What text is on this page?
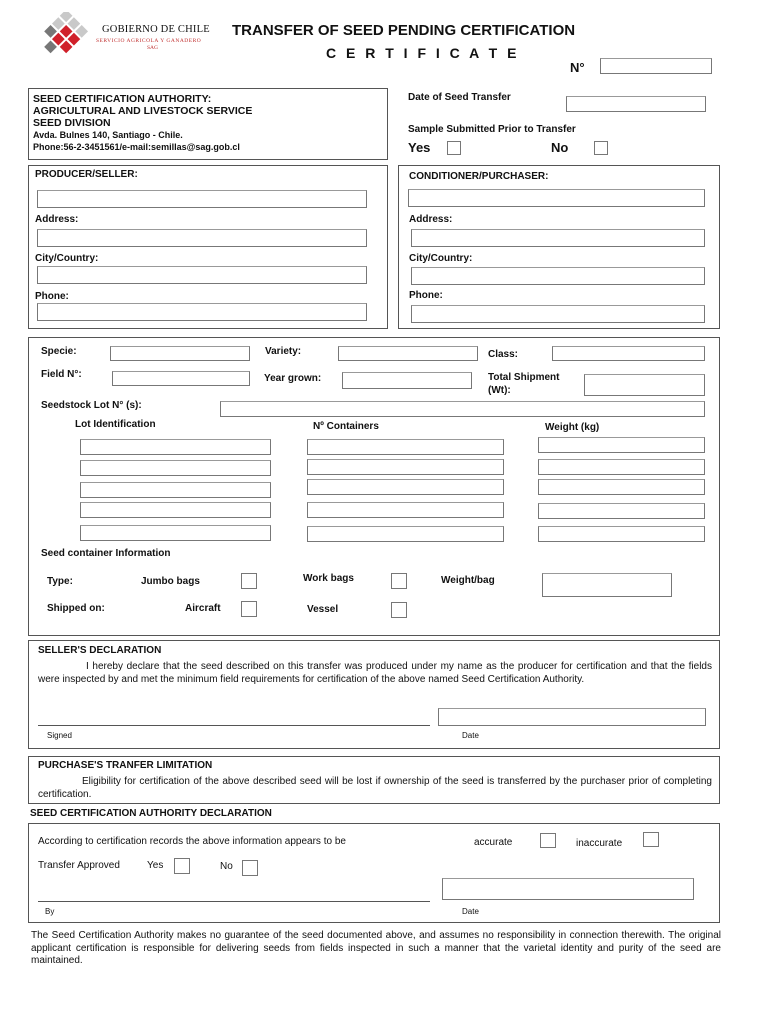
GOBIERNO DE CHILE
SERVICIO AGRICOLA Y GANADERO
SAG
TRANSFER OF SEED PENDING CERTIFICATION
C E R T I F I C A T E
N°
SEED CERTIFICATION AUTHORITY:
AGRICULTURAL AND LIVESTOCK SERVICE
SEED DIVISION
Avda. Bulnes 140, Santiago - Chile.
Phone:56-2-3451561/e-mail:semillas@sag.gob.cl
Date of Seed Transfer
Sample Submitted Prior to Transfer
Yes	No
PRODUCER/SELLER:
Address:
City/Country:
Phone:
CONDITIONER/PURCHASER:
Address:
City/Country:
Phone:
Specie:	Variety:	Class:
Field N°:	Year grown:	Total Shipment
(Wt):
Seedstock Lot N° (s):
Lot Identification	Nº Containers	Weight (kg)
Seed container Information
Type:	Jumbo bags	Work bags	Weight/bag
Shipped on:	Aircraft	Vessel
SELLER'S DECLARATION
I hereby declare that the seed described on this transfer was produced under my name as the producer for certification and that the fields were inspected by and met the minimum field requirements for certification of the above named Seed Certification Authority.
Signed	Date
PURCHASE'S TRANFER LIMITATION
Eligibility for certification of the above described seed will be lost if ownership of the seed is transferred by the purchaser prior of completing certification.
SEED CERTIFICATION AUTHORITY DECLARATION
According to certification records the above information appears to be	accurate	inaccurate
Transfer Approved	Yes	No
By	Date
The Seed Certification Authority makes no guarantee of the seed documented above, and assumes no responsibility in connection therewith. The original applicant certification is responsible for delivering seeds from fields inspected in such a manner that the varietal identity and purity of the seed are maintained.
